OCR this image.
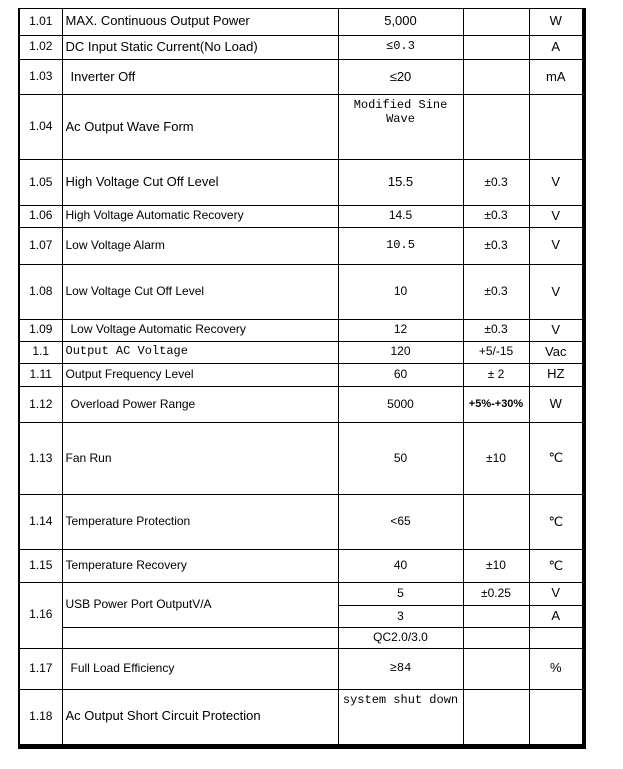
1.01	MAX. Continuous Output Power	5,000		W
1.02	DC Input Static Current(No Load)	≤0.3		A
1.03	Inverter Off	≤20		mA
1.04	Ac Output Wave Form	Modified Sine Wave		
1.05	High Voltage Cut Off Level	15.5	±0.3	V
1.06	High Voltage Automatic Recovery	14.5	±0.3	V
1.07	Low Voltage Alarm	10.5	±0.3	V
1.08	Low Voltage Cut Off Level	10	±0.3	V
1.09	Low Voltage Automatic Recovery	12	±0.3	V
1.1	Output AC Voltage	120	+5/-15	Vac
1.11	Output Frequency Level	60	± 2	HZ
1.12	Overload Power Range	5000	+5%-+30%	W
1.13	Fan Run	50	±10	℃
1.14	Temperature Protection	<65		℃
1.15	Temperature Recovery	40	±10	℃
1.16	USB Power Port OutputV/A	5	±0.25	V
		3		A
		QC2.0/3.0		
1.17	Full Load Efficiency	≥84		%
1.18	Ac Output Short Circuit Protection	system shut down		
